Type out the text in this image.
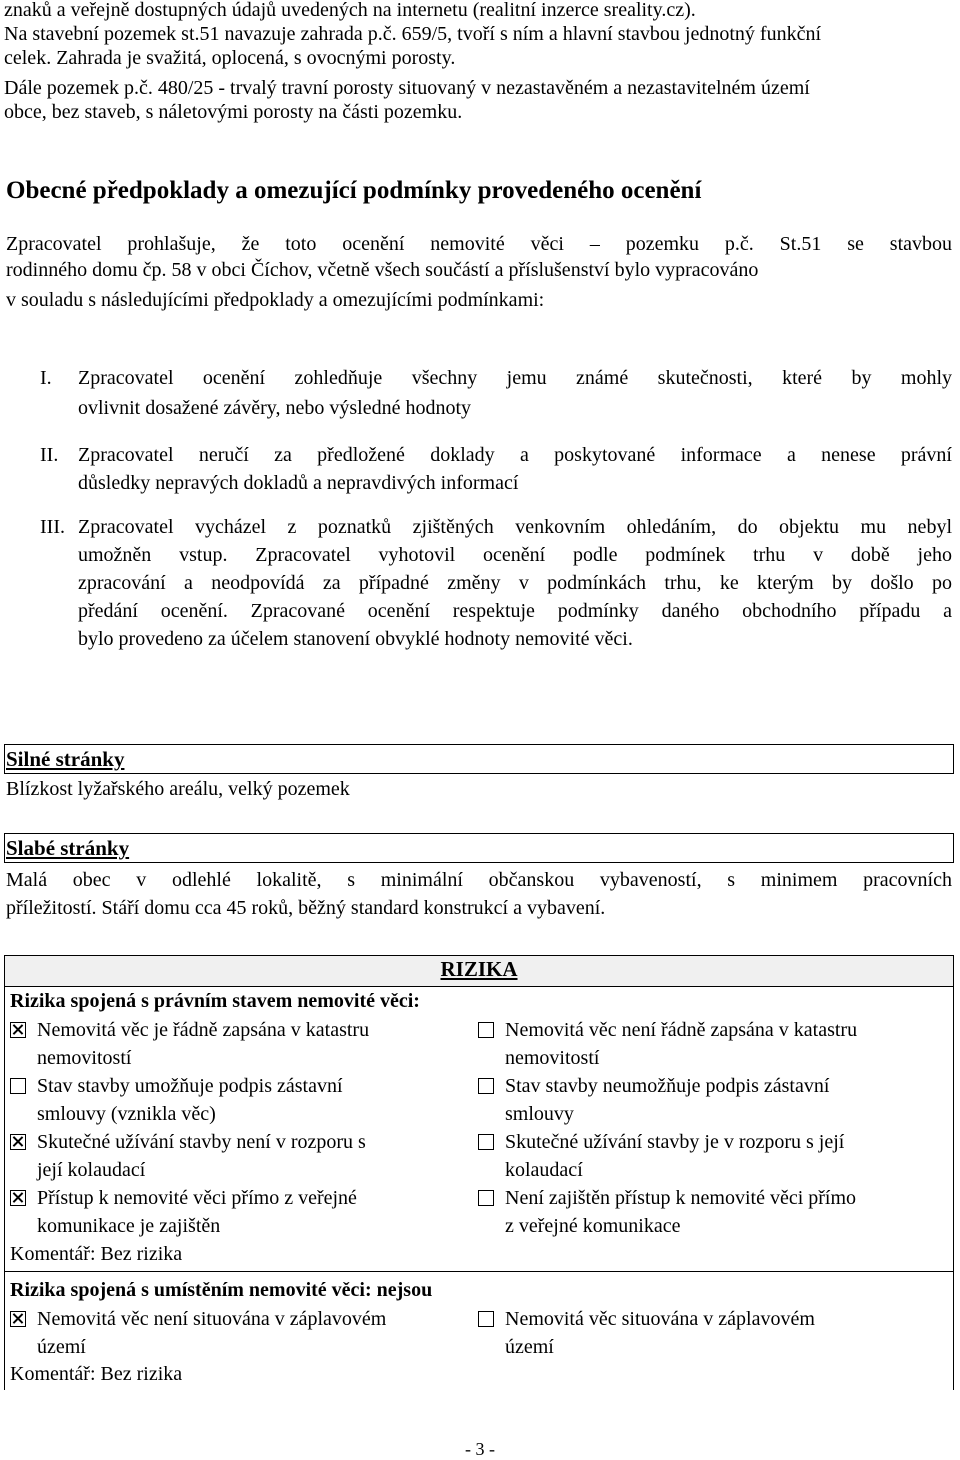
znaků a veřejně dostupných údajů uvedených na internetu (realitní inzerce sreality.cz).
Na stavební pozemek st.51 navazuje zahrada p.č. 659/5, tvoří s ním a hlavní stavbou jednotný funkční
celek. Zahrada je svažitá, oplocená, s ovocnými porosty.
Dále pozemek p.č. 480/25 - trvalý travní porosty situovaný v nezastavěném a nezastavitelném území
obce, bez staveb, s náletovými porosty na části pozemku.
Obecné předpoklady a omezující podmínky provedeného ocenění
Zpracovatel prohlašuje, že toto ocenění nemovité věci – pozemku p.č. St.51 se stavbou
rodinného domu čp. 58 v obci Číchov, včetně všech součástí a příslušenství bylo vypracováno
v souladu s následujícími předpoklady a omezujícími podmínkami:
I. Zpracovatel ocenění zohledňuje všechny jemu známé skutečnosti, které by mohly
ovlivnit dosažené závěry, nebo výsledné hodnoty
II. Zpracovatel neručí za předložené doklady a poskytované informace a nenese právní
důsledky nepravých dokladů a nepravdivých informací
III. Zpracovatel vycházel z poznatků zjištěných venkovním ohledáním, do objektu mu nebyl
umožněn vstup. Zpracovatel vyhotovil ocenění podle podmínek trhu v době jeho
zpracování a neodpovídá za případné změny v podmínkách trhu, ke kterým by došlo po
předání ocenění. Zpracované ocenění respektuje podmínky daného obchodního případu a
bylo provedeno za účelem stanovení obvyklé hodnoty nemovité věci.
Silné stránky
Blízkost lyžařského areálu, velký pozemek
Slabé stránky
Malá obec v odlehlé lokalitě, s minimální občanskou vybaveností, s minimem pracovních
příležitostí. Stáří domu cca 45 roků, běžný standard konstrukcí a vybavení.
RIZIKA
Rizika spojená s právním stavem nemovité věci:
Nemovitá věc je řádně zapsána v katastru
nemovitostí
Nemovitá věc není řádně zapsána v katastru
nemovitostí
Stav stavby umožňuje podpis zástavní
smlouvy (vznikla věc)
Stav stavby neumožňuje podpis zástavní
smlouvy
Skutečné užívání stavby není v rozporu s
její kolaudací
Skutečné užívání stavby je v rozporu s její
kolaudací
Přístup k nemovité věci přímo z veřejné
komunikace je zajištěn
Není zajištěn přístup k nemovité věci přímo
z veřejné komunikace
Komentář: Bez rizika
Rizika spojená s umístěním nemovité věci: nejsou
Nemovitá věc není situována v záplavovém
území
Nemovitá věc situována v záplavovém
území
Komentář: Bez rizika
- 3 -
